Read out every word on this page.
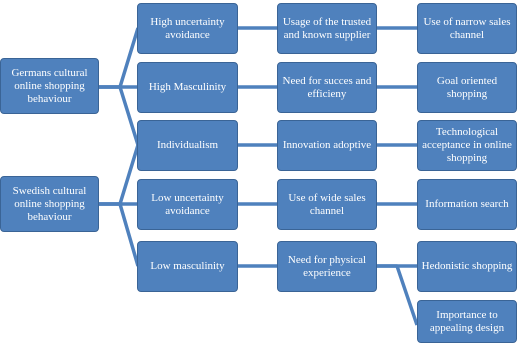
Germans cultural online shopping behaviour
Swedish cultural online shopping behaviour
High uncertainty avoidance
High Masculinity
Individualism
Low uncertainty avoidance
Low masculinity
Usage of the trusted and known supplier
Need for succes and efficieny
Innovation adoptive
Use of wide sales channel
Need for physical experience
Use of narrow sales channel
Goal oriented shopping
Technological acceptance in online shopping
Information search
Hedonistic shopping
Importance to appealing design
